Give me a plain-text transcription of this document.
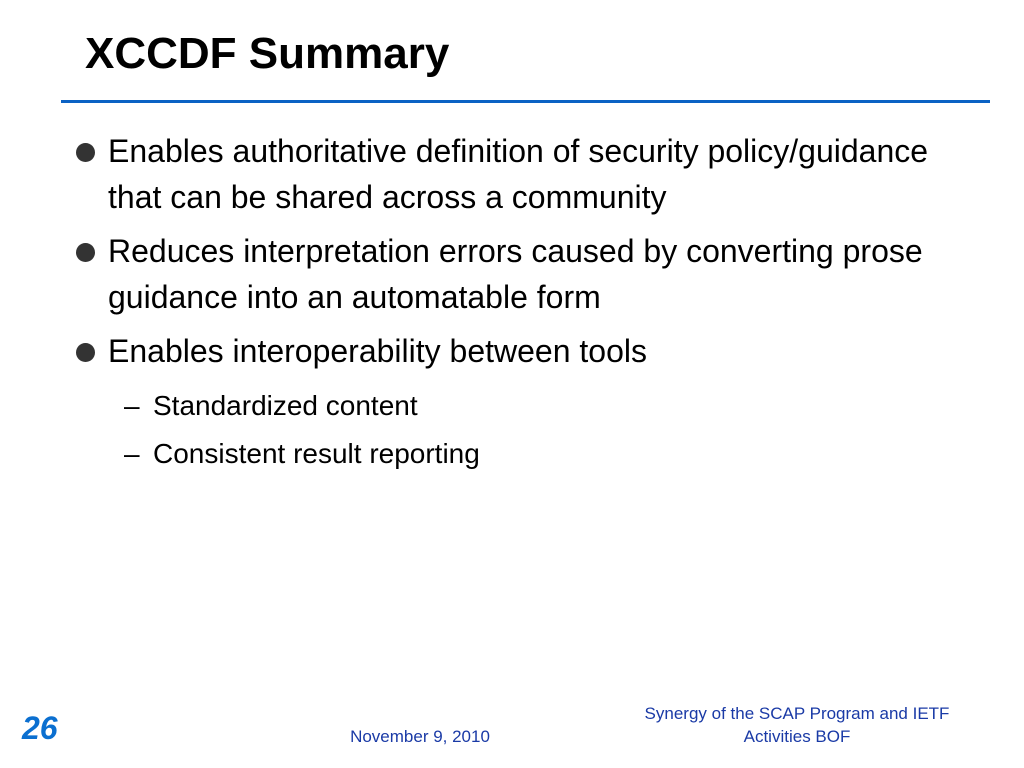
XCCDF Summary
Enables authoritative definition of security policy/guidance that can be shared across a community
Reduces interpretation errors caused by converting prose guidance into an automatable form
Enables interoperability between tools
– Standardized content
– Consistent result reporting
26	November 9, 2010
Synergy of the SCAP Program and IETF Activities BOF
